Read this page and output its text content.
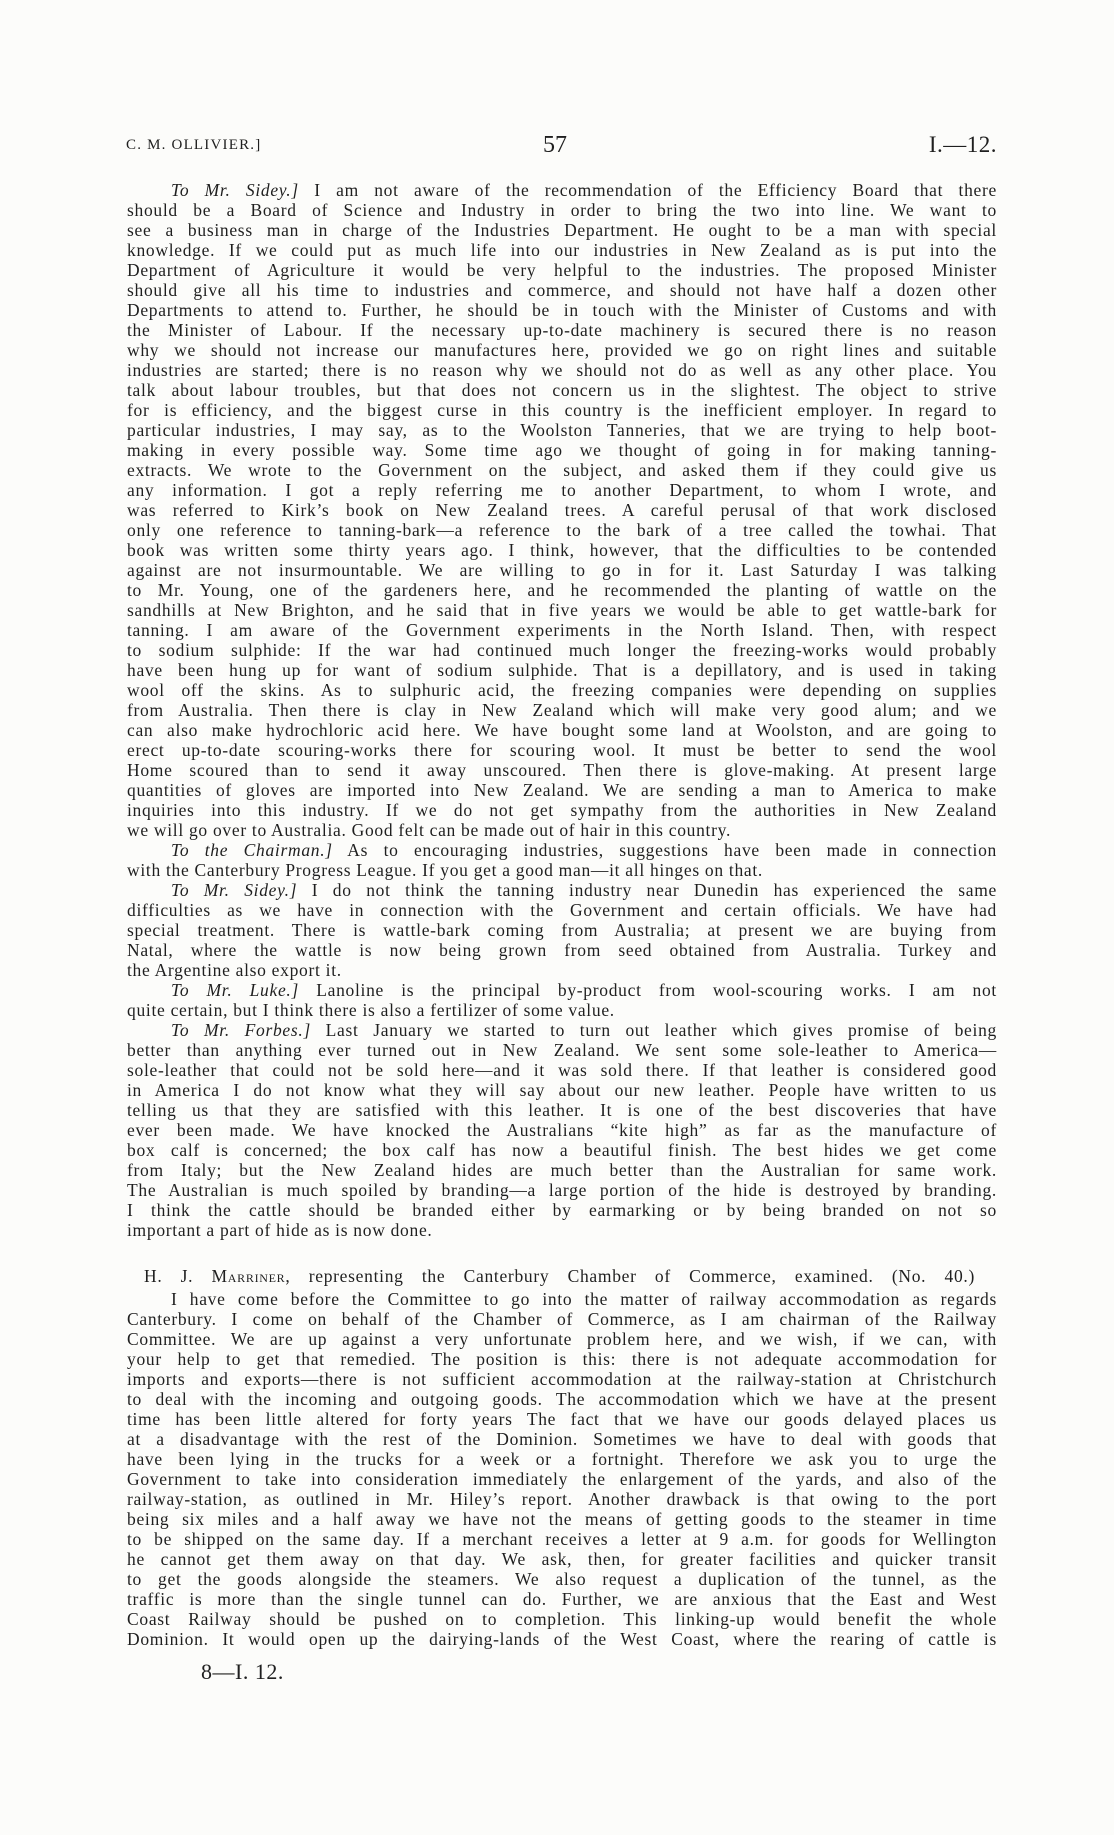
C. M. OLLIVIER.]	57	I.—12.
To Mr. Sidey.] I am not aware of the recommendation of the Efficiency Board that there
should be a Board of Science and Industry in order to bring the two into line. We want to
see a business man in charge of the Industries Department. He ought to be a man with special
knowledge. If we could put as much life into our industries in New Zealand as is put into the
Department of Agriculture it would be very helpful to the industries. The proposed Minister
should give all his time to industries and commerce, and should not have half a dozen other
Departments to attend to. Further, he should be in touch with the Minister of Customs and with
the Minister of Labour. If the necessary up-to-date machinery is secured there is no reason
why we should not increase our manufactures here, provided we go on right lines and suitable
industries are started; there is no reason why we should not do as well as any other place. You
talk about labour troubles, but that does not concern us in the slightest. The object to strive
for is efficiency, and the biggest curse in this country is the inefficient employer. In regard to
particular industries, I may say, as to the Woolston Tanneries, that we are trying to help boot-
making in every possible way. Some time ago we thought of going in for making tanning-
extracts. We wrote to the Government on the subject, and asked them if they could give us
any information. I got a reply referring me to another Department, to whom I wrote, and
was referred to Kirk’s book on New Zealand trees. A careful perusal of that work disclosed
only one reference to tanning-bark—a reference to the bark of a tree called the towhai. That
book was written some thirty years ago. I think, however, that the difficulties to be contended
against are not insurmountable. We are willing to go in for it. Last Saturday I was talking
to Mr. Young, one of the gardeners here, and he recommended the planting of wattle on the
sandhills at New Brighton, and he said that in five years we would be able to get wattle-bark for
tanning. I am aware of the Government experiments in the North Island. Then, with respect
to sodium sulphide: If the war had continued much longer the freezing-works would probably
have been hung up for want of sodium sulphide. That is a depillatory, and is used in taking
wool off the skins. As to sulphuric acid, the freezing companies were depending on supplies
from Australia. Then there is clay in New Zealand which will make very good alum; and we
can also make hydrochloric acid here. We have bought some land at Woolston, and are going to
erect up-to-date scouring-works there for scouring wool. It must be better to send the wool
Home scoured than to send it away unscoured. Then there is glove-making. At present large
quantities of gloves are imported into New Zealand. We are sending a man to America to make
inquiries into this industry. If we do not get sympathy from the authorities in New Zealand
we will go over to Australia. Good felt can be made out of hair in this country.
To the Chairman.] As to encouraging industries, suggestions have been made in connection
with the Canterbury Progress League. If you get a good man—it all hinges on that.
To Mr. Sidey.] I do not think the tanning industry near Dunedin has experienced the same
difficulties as we have in connection with the Government and certain officials. We have had
special treatment. There is wattle-bark coming from Australia; at present we are buying from
Natal, where the wattle is now being grown from seed obtained from Australia. Turkey and
the Argentine also export it.
To Mr. Luke.] Lanoline is the principal by-product from wool-scouring works. I am not
quite certain, but I think there is also a fertilizer of some value.
To Mr. Forbes.] Last January we started to turn out leather which gives promise of being
better than anything ever turned out in New Zealand. We sent some sole-leather to America—
sole-leather that could not be sold here—and it was sold there. If that leather is considered good
in America I do not know what they will say about our new leather. People have written to us
telling us that they are satisfied with this leather. It is one of the best discoveries that have
ever been made. We have knocked the Australians “kite high” as far as the manufacture of
box calf is concerned; the box calf has now a beautiful finish. The best hides we get come
from Italy; but the New Zealand hides are much better than the Australian for same work.
The Australian is much spoiled by branding—a large portion of the hide is destroyed by branding.
I think the cattle should be branded either by earmarking or by being branded on not so
important a part of hide as is now done.
H. J. Marriner, representing the Canterbury Chamber of Commerce, examined. (No. 40.)
I have come before the Committee to go into the matter of railway accommodation as regards
Canterbury. I come on behalf of the Chamber of Commerce, as I am chairman of the Railway
Committee. We are up against a very unfortunate problem here, and we wish, if we can, with
your help to get that remedied. The position is this: there is not adequate accommodation for
imports and exports—there is not sufficient accommodation at the railway-station at Christchurch
to deal with the incoming and outgoing goods. The accommodation which we have at the present
time has been little altered for forty years The fact that we have our goods delayed places us
at a disadvantage with the rest of the Dominion. Sometimes we have to deal with goods that
have been lying in the trucks for a week or a fortnight. Therefore we ask you to urge the
Government to take into consideration immediately the enlargement of the yards, and also of the
railway-station, as outlined in Mr. Hiley’s report. Another drawback is that owing to the port
being six miles and a half away we have not the means of getting goods to the steamer in time
to be shipped on the same day. If a merchant receives a letter at 9 a.m. for goods for Wellington
he cannot get them away on that day. We ask, then, for greater facilities and quicker transit
to get the goods alongside the steamers. We also request a duplication of the tunnel, as the
traffic is more than the single tunnel can do. Further, we are anxious that the East and West
Coast Railway should be pushed on to completion. This linking-up would benefit the whole
Dominion. It would open up the dairying-lands of the West Coast, where the rearing of cattle is
8—I. 12.
